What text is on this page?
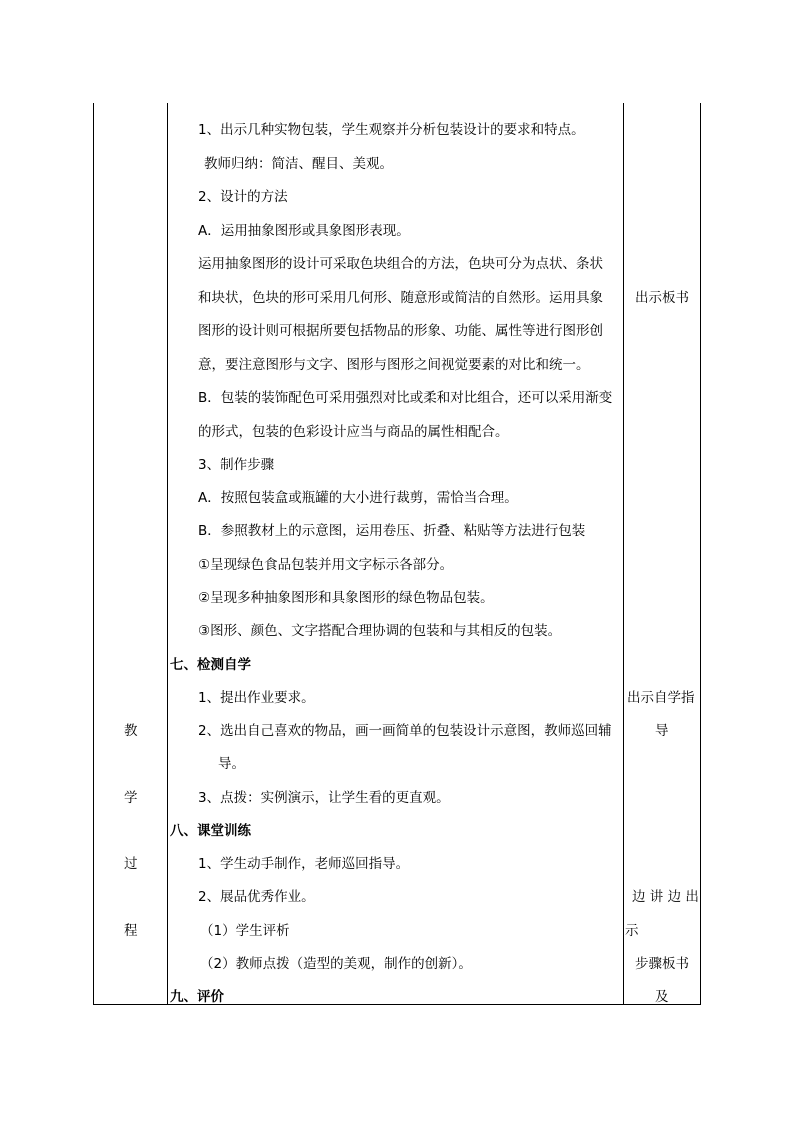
教
学
过
程
1、出示几种实物包装，学生观察并分析包装设计的要求和特点。
教师归纳：简洁、醒目、美观。
2、设计的方法
A．运用抽象图形或具象图形表现。
运用抽象图形的设计可采取色块组合的方法，色块可分为点状、条状
和块状，色块的形可采用几何形、随意形或简洁的自然形。运用具象
图形的设计则可根据所要包括物品的形象、功能、属性等进行图形创
意，要注意图形与文字、图形与图形之间视觉要素的对比和统一。
B．包装的装饰配色可采用强烈对比或柔和对比组合，还可以采用渐变
的形式，包装的色彩设计应当与商品的属性相配合。
3、制作步骤
A．按照包装盒或瓶罐的大小进行裁剪，需恰当合理。
B．参照教材上的示意图，运用卷压、折叠、粘贴等方法进行包装
①呈现绿色食品包装并用文字标示各部分。
②呈现多种抽象图形和具象图形的绿色物品包装。
③图形、颜色、文字搭配合理协调的包装和与其相反的包装。
七、检测自学
1、提出作业要求。
2、选出自己喜欢的物品，画一画简单的包装设计示意图，教师巡回辅
导。
3、点拨：实例演示，让学生看的更直观。
八、课堂训练
1、学生动手制作，老师巡回指导。
2、展品优秀作业。
（1）学生评析
（2）教师点拨（造型的美观，制作的创新）。
九、评价
出示板书
出示自学指
导
边 讲 边 出
示
步骤板书
及
